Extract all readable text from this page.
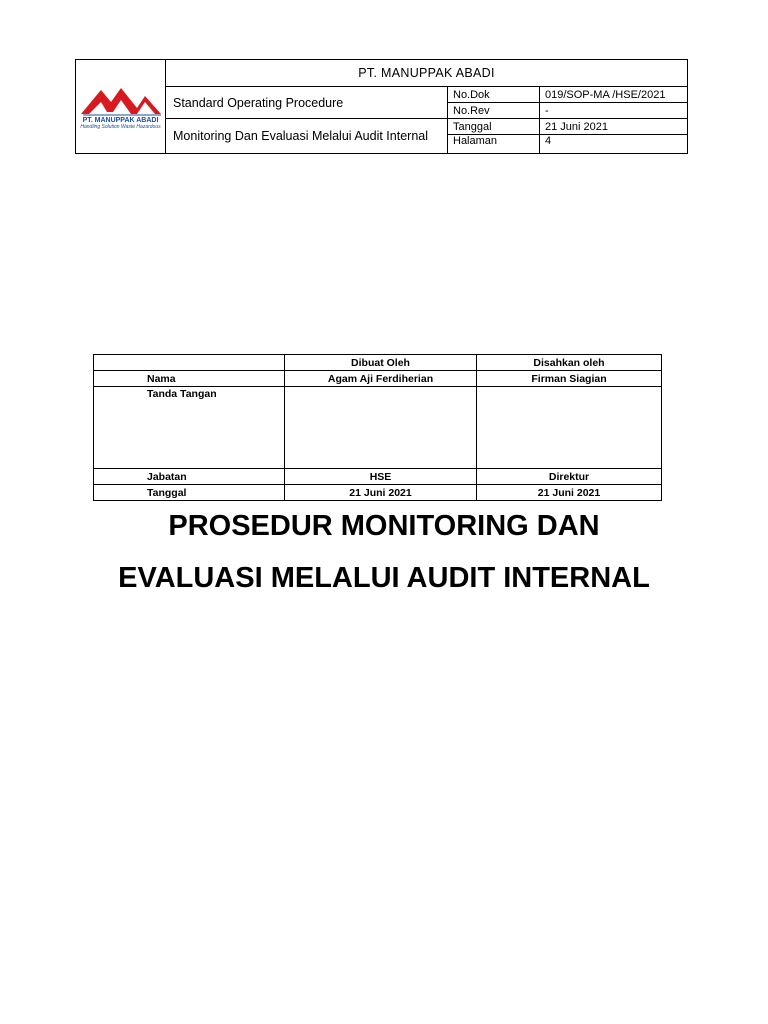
PT. MANUPPAK ABADI
Handling Solution Waste Hazardous	PT. MANUPPAK ABADI		
	Standard Operating Procedure	No.Dok	019/SOP-MA /HSE/2021
		No.Rev	-
	Monitoring Dan Evaluasi Melalui Audit Internal	Tanggal	21 Juni 2021
		Halaman	4
	Dibuat Oleh	Disahkan oleh
Nama	Agam Aji Ferdiherian	Firman Siagian
Tanda Tangan		
Jabatan	HSE	Direktur
Tanggal	21 Juni 2021	21 Juni 2021
PROSEDUR MONITORING DAN
EVALUASI MELALUI AUDIT INTERNAL
